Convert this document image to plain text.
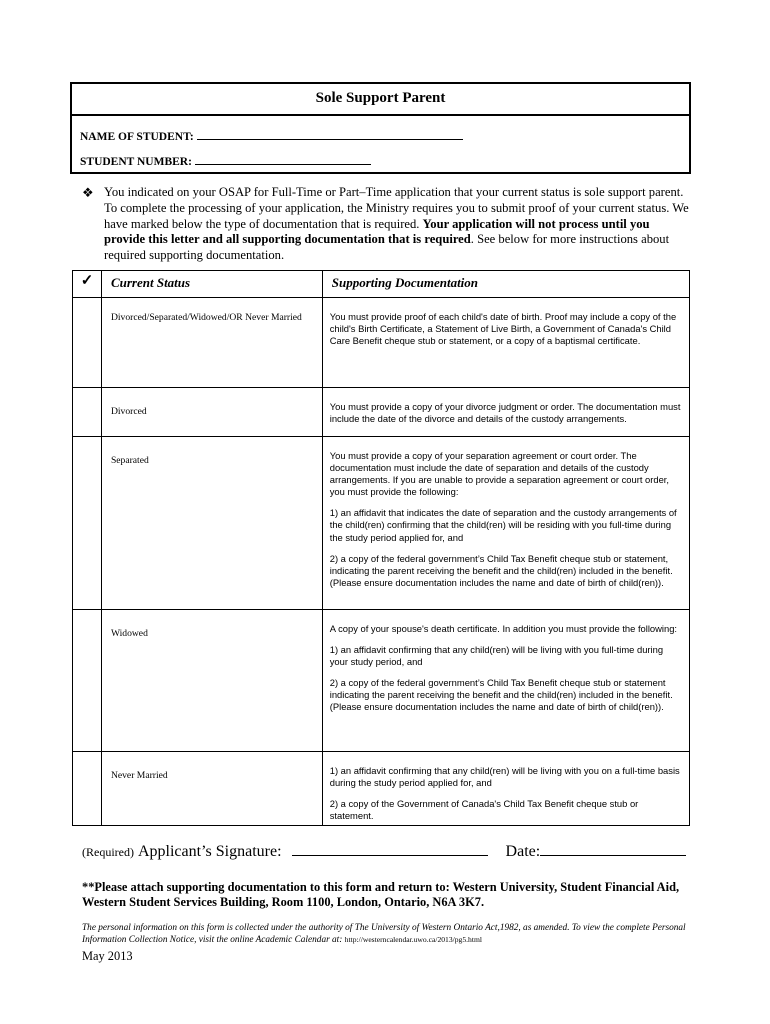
Sole Support Parent
NAME OF STUDENT:
STUDENT NUMBER:
❖ You indicated on your OSAP for Full-Time or Part–Time application that your current status is sole support parent. To complete the processing of your application, the Ministry requires you to submit proof of your current status. We have marked below the type of documentation that is required. Your application will not process until you provide this letter and all supporting documentation that is required. See below for more instructions about required supporting documentation.
✓	Current Status	Supporting Documentation
	Divorced/Separated/Widowed/OR Never Married	You must provide proof of each child's date of birth. Proof may include a copy of the child's Birth Certificate, a Statement of Live Birth, a Government of Canada's Child Care Benefit cheque stub or statement, or a copy of a baptismal certificate.

	Divorced	You must provide a copy of your divorce judgment or order. The documentation must include the date of the divorce and details of the custody arrangements.

	Separated	You must provide a copy of your separation agreement or court order. The documentation must include the date of separation and details of the custody arrangements. If you are unable to provide a separation agreement or court order, you must provide the following:

1) an affidavit that indicates the date of separation and the custody arrangements of the child(ren) confirming that the child(ren) will be residing with you full-time during the study period applied for, and

2) a copy of the federal government’s Child Tax Benefit cheque stub or statement, indicating the parent receiving the benefit and the child(ren) included in the benefit. (Please ensure documentation includes the name and date of birth of child(ren)).

	Widowed	A copy of your spouse's death certificate. In addition you must provide the following:

1) an affidavit confirming that any child(ren) will be living with you full-time during your study period, and

2) a copy of the federal government’s Child Tax Benefit cheque stub or statement indicating the parent receiving the benefit and the child(ren) included in the benefit. (Please ensure documentation includes the name and date of birth of child(ren)).

	Never Married	1) an affidavit confirming that any child(ren) will be living with you on a full-time basis during the study period applied for, and

2) a copy of the Government of Canada's Child Tax Benefit cheque stub or statement.

(Required) Applicant’s Signature:	Date:
**Please attach supporting documentation to this form and return to: Western University, Student Financial Aid, Western Student Services Building, Room 1100, London, Ontario, N6A 3K7.
The personal information on this form is collected under the authority of The University of Western Ontario Act,1982, as amended. To view the complete Personal Information Collection Notice, visit the online Academic Calendar at: http://westerncalendar.uwo.ca/2013/pg5.html
May 2013
